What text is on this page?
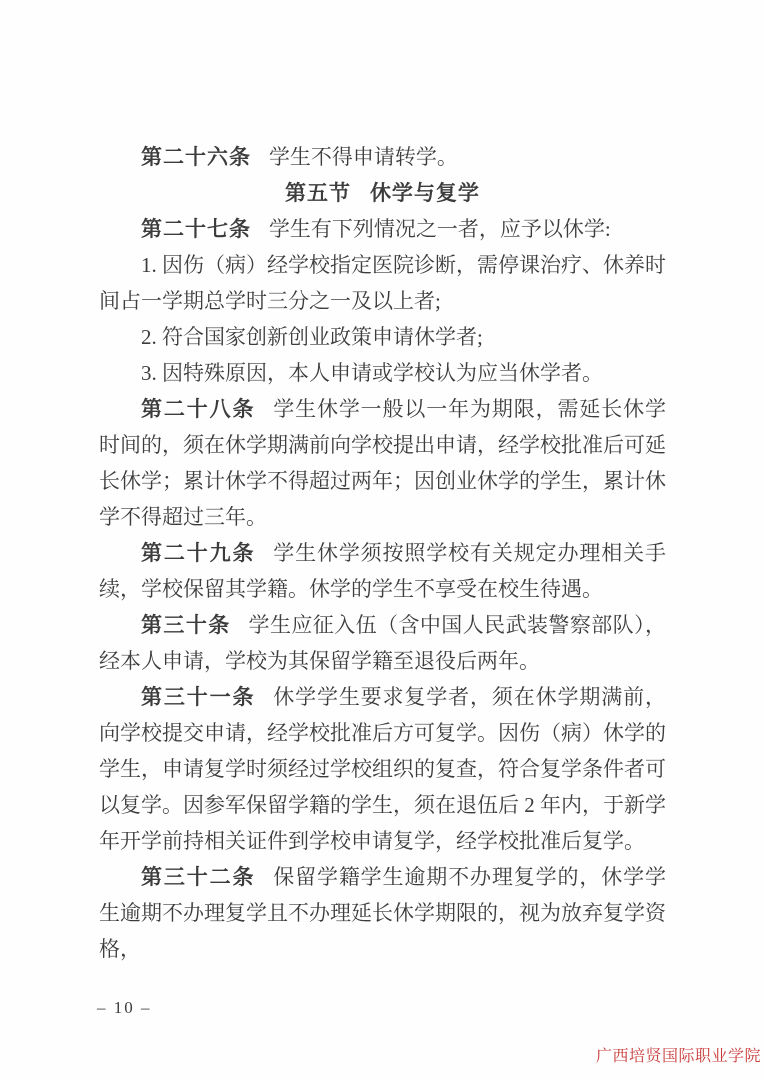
第二十六条 学生不得申请转学。

第五节 休学与复学

第二十七条 学生有下列情况之一者，应予以休学:

1. 因伤（病）经学校指定医院诊断，需停课治疗、休养时间占一学期总学时三分之一及以上者;

2. 符合国家创新创业政策申请休学者;

3. 因特殊原因，本人申请或学校认为应当休学者。

第二十八条 学生休学一般以一年为期限，需延长休学时间的，须在休学期满前向学校提出申请，经学校批准后可延长休学；累计休学不得超过两年；因创业休学的学生，累计休学不得超过三年。

第二十九条 学生休学须按照学校有关规定办理相关手续，学校保留其学籍。休学的学生不享受在校生待遇。

第三十条 学生应征入伍（含中国人民武装警察部队），经本人申请，学校为其保留学籍至退役后两年。

第三十一条 休学学生要求复学者，须在休学期满前，向学校提交申请，经学校批准后方可复学。因伤（病）休学的学生，申请复学时须经过学校组织的复查，符合复学条件者可以复学。因参军保留学籍的学生，须在退伍后 2 年内，于新学年开学前持相关证件到学校申请复学，经学校批准后复学。

第三十二条 保留学籍学生逾期不办理复学的，休学学生逾期不办理复学且不办理延长休学期限的，视为放弃复学资格，

– 10 –
广西培贤国际职业学院
